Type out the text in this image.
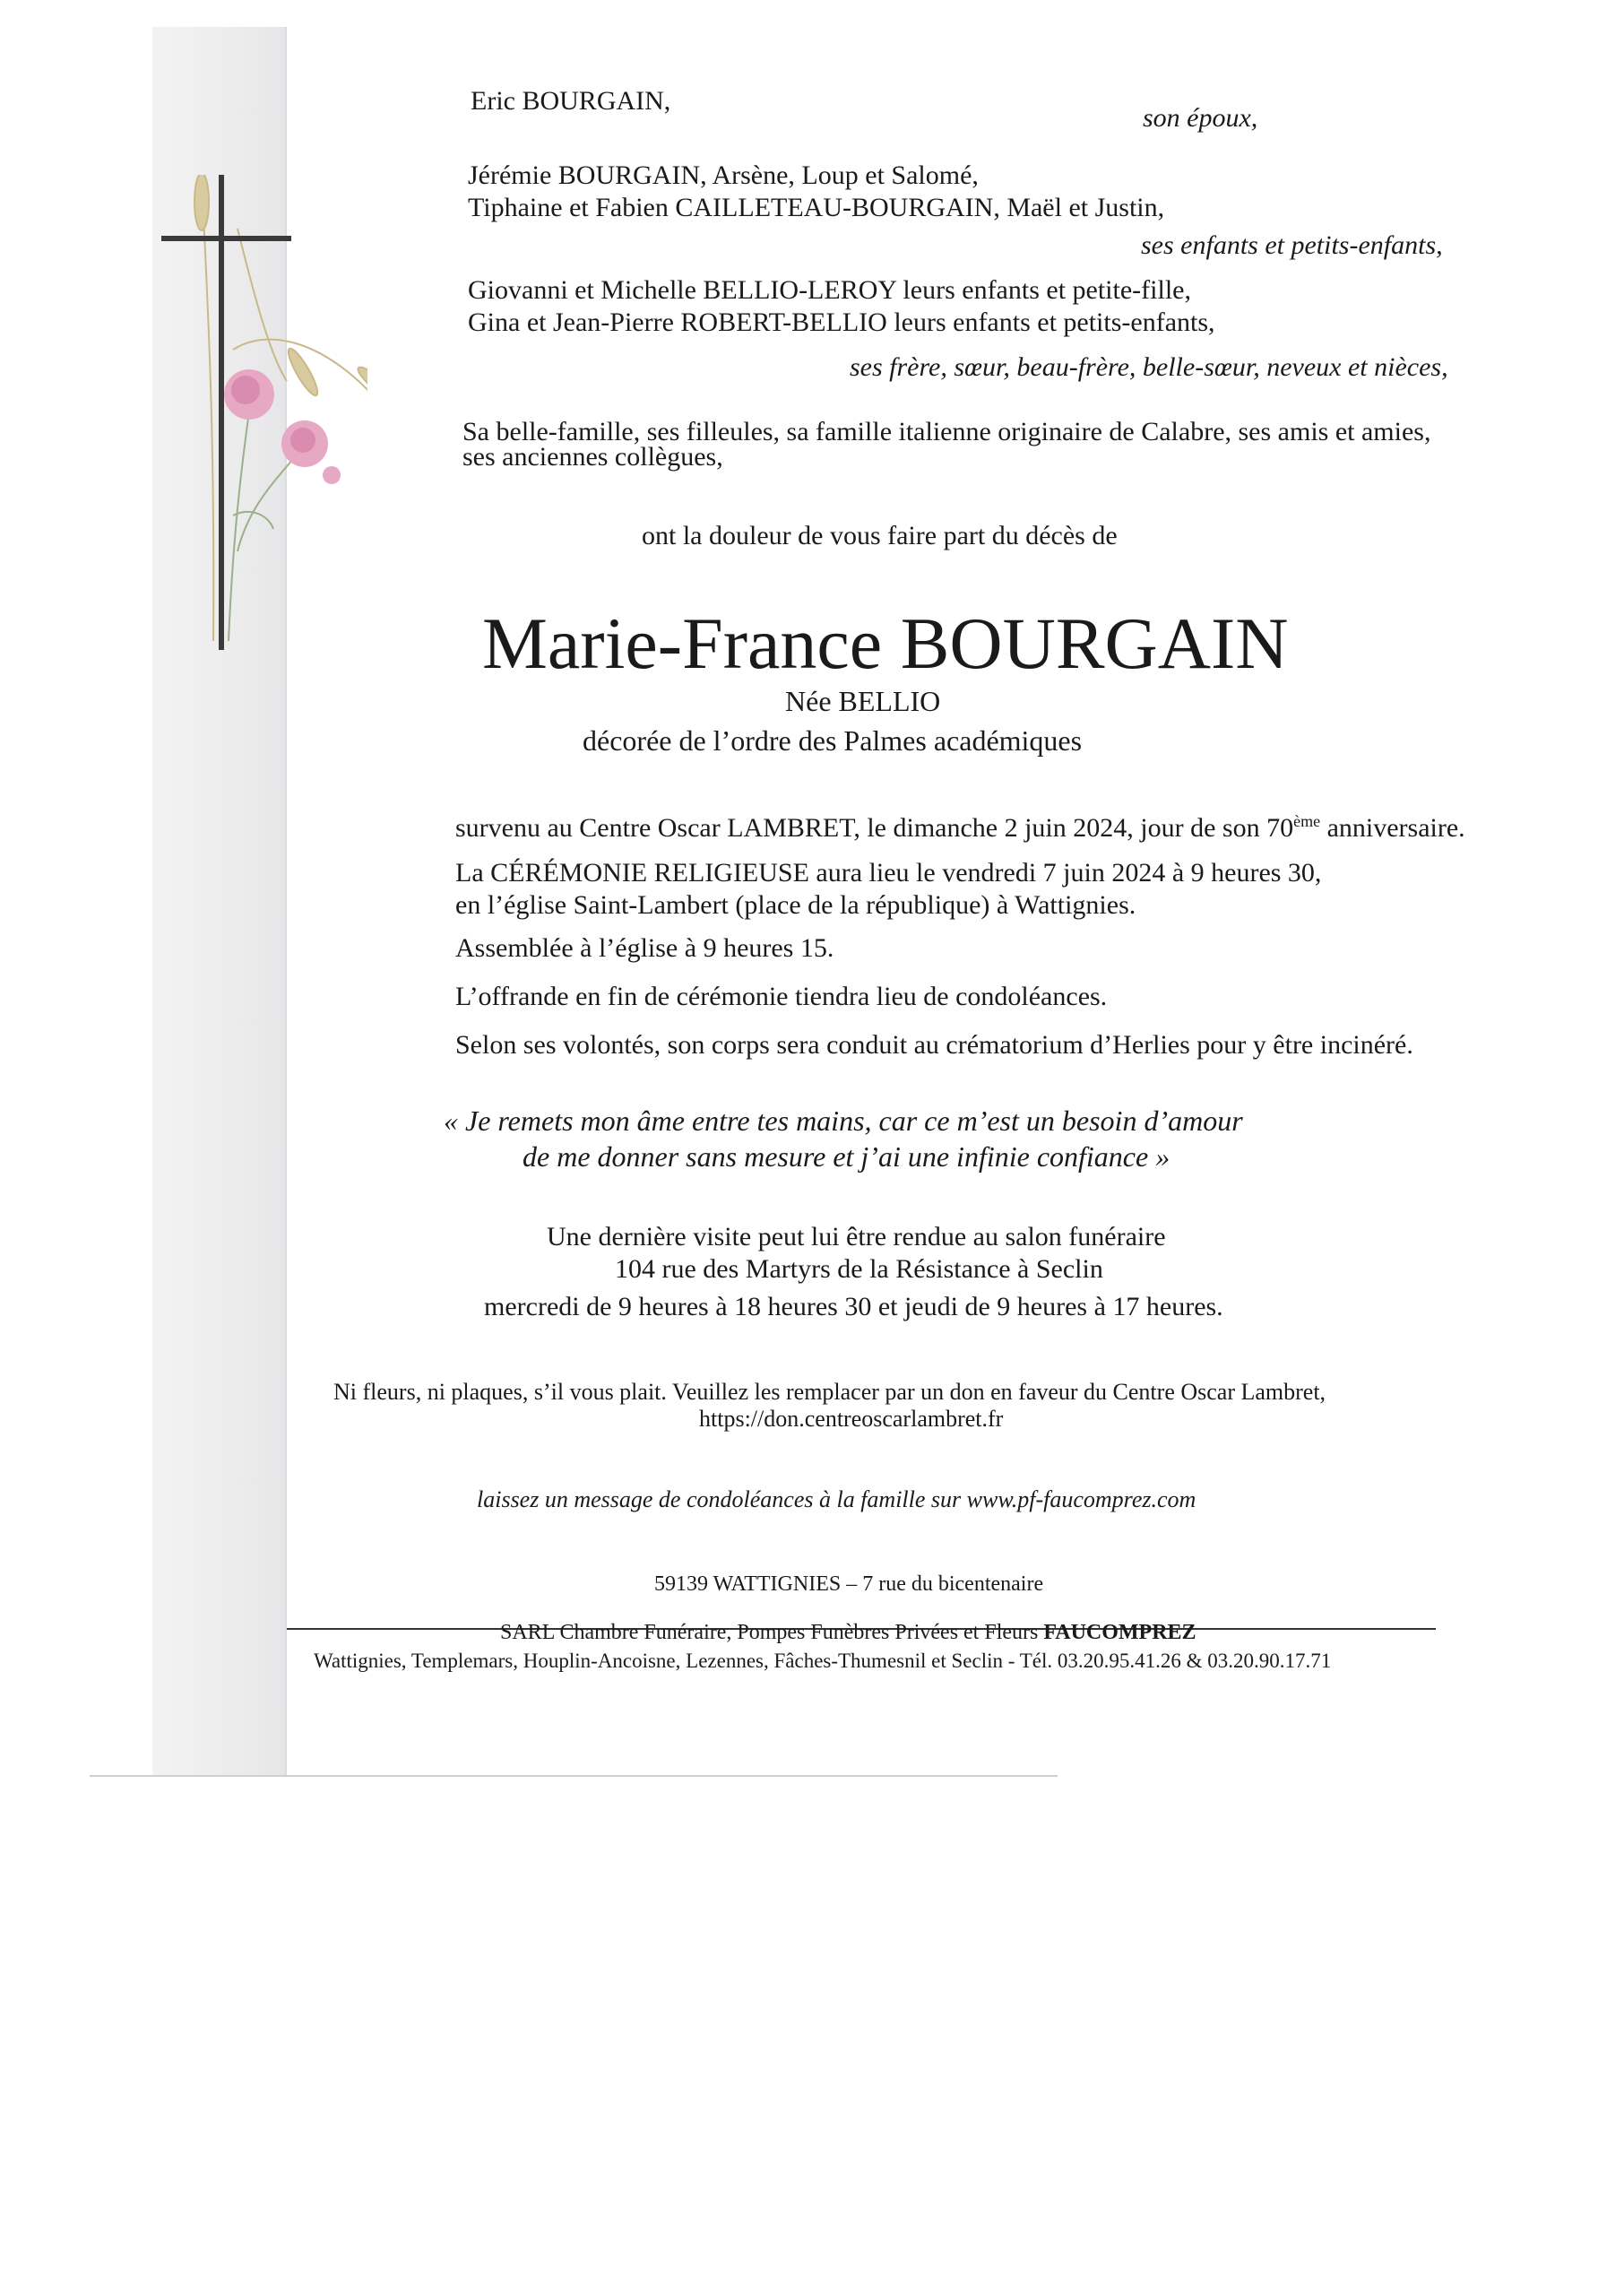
Eric BOURGAIN,
son époux,
Jérémie BOURGAIN, Arsène, Loup et Salomé,
Tiphaine et Fabien CAILLETEAU-BOURGAIN, Maël et Justin,
ses enfants et petits-enfants,
Giovanni et Michelle BELLIO-LEROY leurs enfants et petite-fille,
Gina et Jean-Pierre ROBERT-BELLIO leurs enfants et petits-enfants,
ses frère, sœur, beau-frère, belle-sœur, neveux et nièces,
Sa belle-famille, ses filleules, sa famille italienne originaire de Calabre, ses amis et amies,
ses anciennes collègues,
ont la douleur de vous faire part du décès de
Marie-France BOURGAIN
Née BELLIO
décorée de l’ordre des Palmes académiques
survenu au Centre Oscar LAMBRET, le dimanche 2 juin 2024, jour de son 70ème anniversaire.
La CÉRÉMONIE RELIGIEUSE aura lieu le vendredi 7 juin 2024 à 9 heures 30,
en l’église Saint-Lambert (place de la république) à Wattignies.
Assemblée à l’église à 9 heures 15.
L’offrande en fin de cérémonie tiendra lieu de condoléances.
Selon ses volontés, son corps sera conduit au crématorium d’Herlies pour y être incinéré.
« Je remets mon âme entre tes mains, car ce m’est un besoin d’amour
de me donner sans mesure et j’ai une infinie confiance »
Une dernière visite peut lui être rendue au salon funéraire
104 rue des Martyrs de la Résistance à Seclin
mercredi de 9 heures à 18 heures 30 et jeudi de 9 heures à 17 heures.
Ni fleurs, ni plaques, s’il vous plait. Veuillez les remplacer par un don en faveur du Centre Oscar Lambret,
https://don.centreoscarlambret.fr
laissez un message de condoléances à la famille sur www.pf-faucomprez.com
59139 WATTIGNIES – 7 rue du bicentenaire
SARL Chambre Funéraire, Pompes Funèbres Privées et Fleurs FAUCOMPREZ
Wattignies, Templemars, Houplin-Ancoisne, Lezennes, Fâches-Thumesnil et Seclin - Tél. 03.20.95.41.26 & 03.20.90.17.71
